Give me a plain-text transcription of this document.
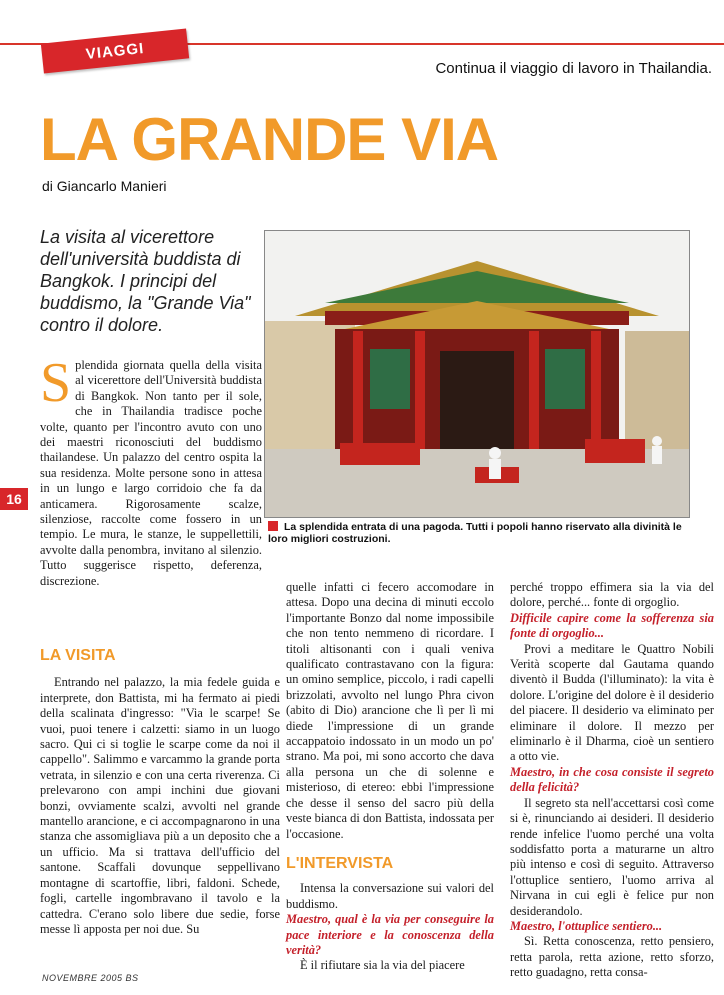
VIAGGI
Continua il viaggio di lavoro in Thailandia.
LA GRANDE VIA
di Giancarlo Manieri
La visita al vicerettore dell'università buddista di Bangkok. I principi del buddismo, la "Grande Via" contro il dolore.
La splendida entrata di una pagoda. Tutti i popoli hanno riservato alla divinità le loro migliori costruzioni.
16

Splendida giornata quella della visita al vicerettore dell'Università buddista di Bangkok. Non tanto per il sole, che in Thailandia tradisce poche volte, quanto per l'incontro avuto con uno dei maestri riconosciuti del buddismo thailandese. Un palazzo del centro ospita la sua residenza. Molte persone sono in attesa in un lungo e largo corridoio che fa da anticamera. Rigorosamente scalze, silenziose, raccolte come fossero in un tempio. Le mura, le stanze, le suppellettili, avvolte dalla penombra, invitano al silenzio. Tutto suggerisce rispetto, deferenza, discrezione.

LA VISITA

Entrando nel palazzo, la mia fedele guida e interprete, don Battista, mi ha fermato ai piedi della scalinata d'ingresso: "Via le scarpe! Se vuoi, puoi tenere i calzetti: siamo in un luogo sacro. Qui ci si toglie le scarpe come da noi il cappello". Salimmo e varcammo la grande porta vetrata, in silenzio e con una certa riverenza. Ci prelevarono con ampi inchini due giovani bonzi, ovviamente scalzi, avvolti nel grande mantello arancione, e ci accompagnarono in una stanza che assomigliava più a un deposito che a un ufficio. Ma si trattava dell'ufficio del santone. Scaffali dovunque seppellivano montagne di scartoffie, libri, faldoni. Schede, fogli, cartelle ingombravano il tavolo e la cattedra. C'erano solo libere due sedie, forse messe lì apposta per noi due. Su

quelle infatti ci fecero accomodare in attesa. Dopo una decina di minuti eccolo l'importante Bonzo dal nome impossibile che non tento nemmeno di ricordare. I titoli altisonanti con i quali veniva qualificato contrastavano con la figura: un omino semplice, piccolo, i radi capelli brizzolati, avvolto nel lungo Phra civon (abito di Dio) arancione che lì per lì mi diede l'impressione di un grande accappatoio indossato in un modo un po' strano. Ma poi, mi sono accorto che dava alla persona un che di solenne e misterioso, di etereo: ebbi l'impressione che desse il senso del sacro più della veste bianca di don Battista, indossata per l'occasione.

L'INTERVISTA

Intensa la conversazione sui valori del buddismo.

Maestro, qual è la via per conseguire la pace interiore e la conoscenza della verità?

È il rifiutare sia la via del piacere

perché troppo effimera sia la via del dolore, perché... fonte di orgoglio.

Difficile capire come la sofferenza sia fonte di orgoglio...

Provi a meditare le Quattro Nobili Verità scoperte dal Gautama quando diventò il Budda (l'illuminato): la vita è dolore. L'origine del dolore è il desiderio del piacere. Il desiderio va eliminato per eliminare il dolore. Il mezzo per eliminarlo è il Dharma, cioè un sentiero a otto vie.

Maestro, in che cosa consiste il segreto della felicità?

Il segreto sta nell'accettarsi così come si è, rinunciando ai desideri. Il desiderio rende infelice l'uomo perché una volta soddisfatto porta a maturarne un altro più intenso e così di seguito. Attraverso l'ottuplice sentiero, l'uomo arriva al Nirvana in cui egli è felice pur non desiderandolo.

Maestro, l'ottuplice sentiero...

Sì. Retta conoscenza, retto pensiero, retta parola, retta azione, retto sforzo, retto guadagno, retta consa-

NOVEMBRE 2005 BS
